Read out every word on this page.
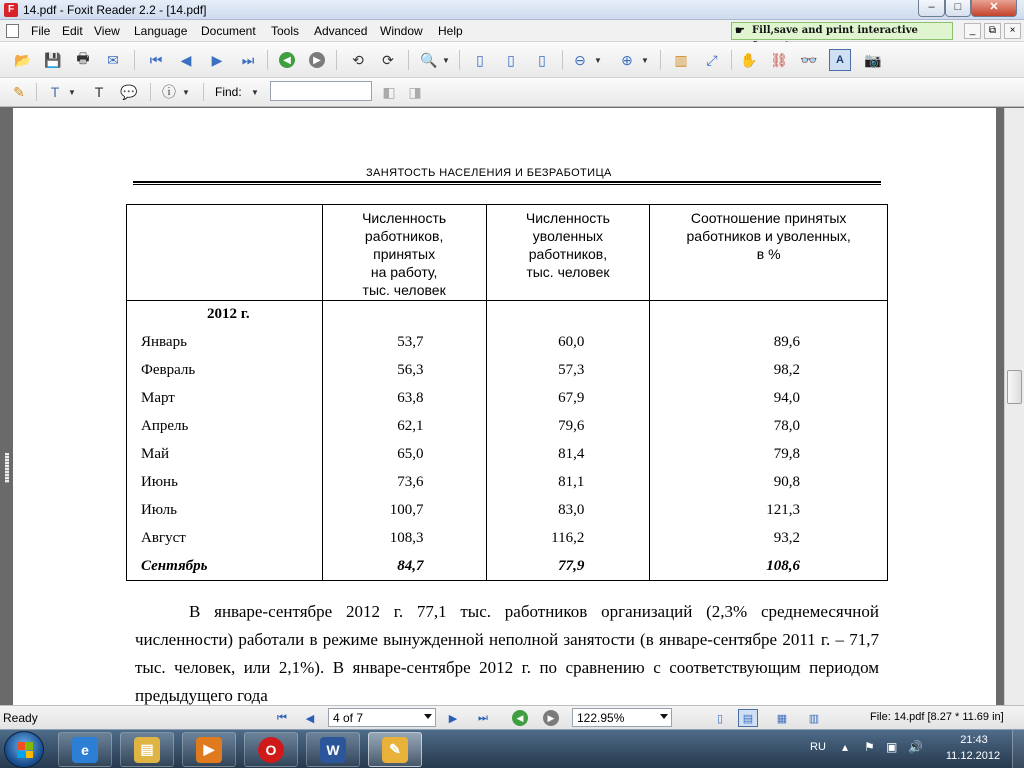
F 14.pdf - Foxit Reader 2.2 - [14.pdf]	–	□	✕
File Edit View Language Document Tools Advanced Window Help	☛ Fill,save and print interactive	_	⧉	×
📂 💾	🖶	✉	⏮	◀	▶	⏭	◀	▶	⟲	⟳	🔍 ▼	▯	▯	▯	⊖	▼	⊕	▼	▥	⤢	✋ ⛓ 👓	A	📷
✎	T	▼	T	💬 ⓘ ▼ Find: ▼	◧ ◨
ЗАНЯТОСТЬ НАСЕЛЕНИЯ И БЕЗРАБОТИЦА
	Численность
работников,
принятых
на работу,
тыс. человек	Численность
уволенных
работников,
тыс. человек	Соотношение принятых
работников и уволенных,
в %
2012 г.			
Январь	53,7	60,0	89,6
Февраль	56,3	57,3	98,2
Март	63,8	67,9	94,0
Апрель	62,1	79,6	78,0
Май	65,0	81,4	79,8
Июнь	73,6	81,1	90,8
Июль	100,7	83,0	121,3
Август	108,3	116,2	93,2
Сентябрь	84,7	77,9	108,6

В январе-сентябре 2012 г. 77,1 тыс. работников организаций (2,3% среднемесячной численности) работали в режиме вынужденной неполной занятости (в январе-сентябре 2011 г. – 71,7 тыс. человек, или 2,1%). В январе-сентябре 2012 г. по сравнению с соответствующим периодом предыдущего года

Ready	⏮	◀	4 of 7	▶	⏭	◀	▶	122.95%	▯	▤	▦	▥	File: 14.pdf [8.27 * 11.69 in]
e	▤	▶	O	W	✎	RU ▴ ⚑ ▣ 🔊	21:43
11.12.2012
